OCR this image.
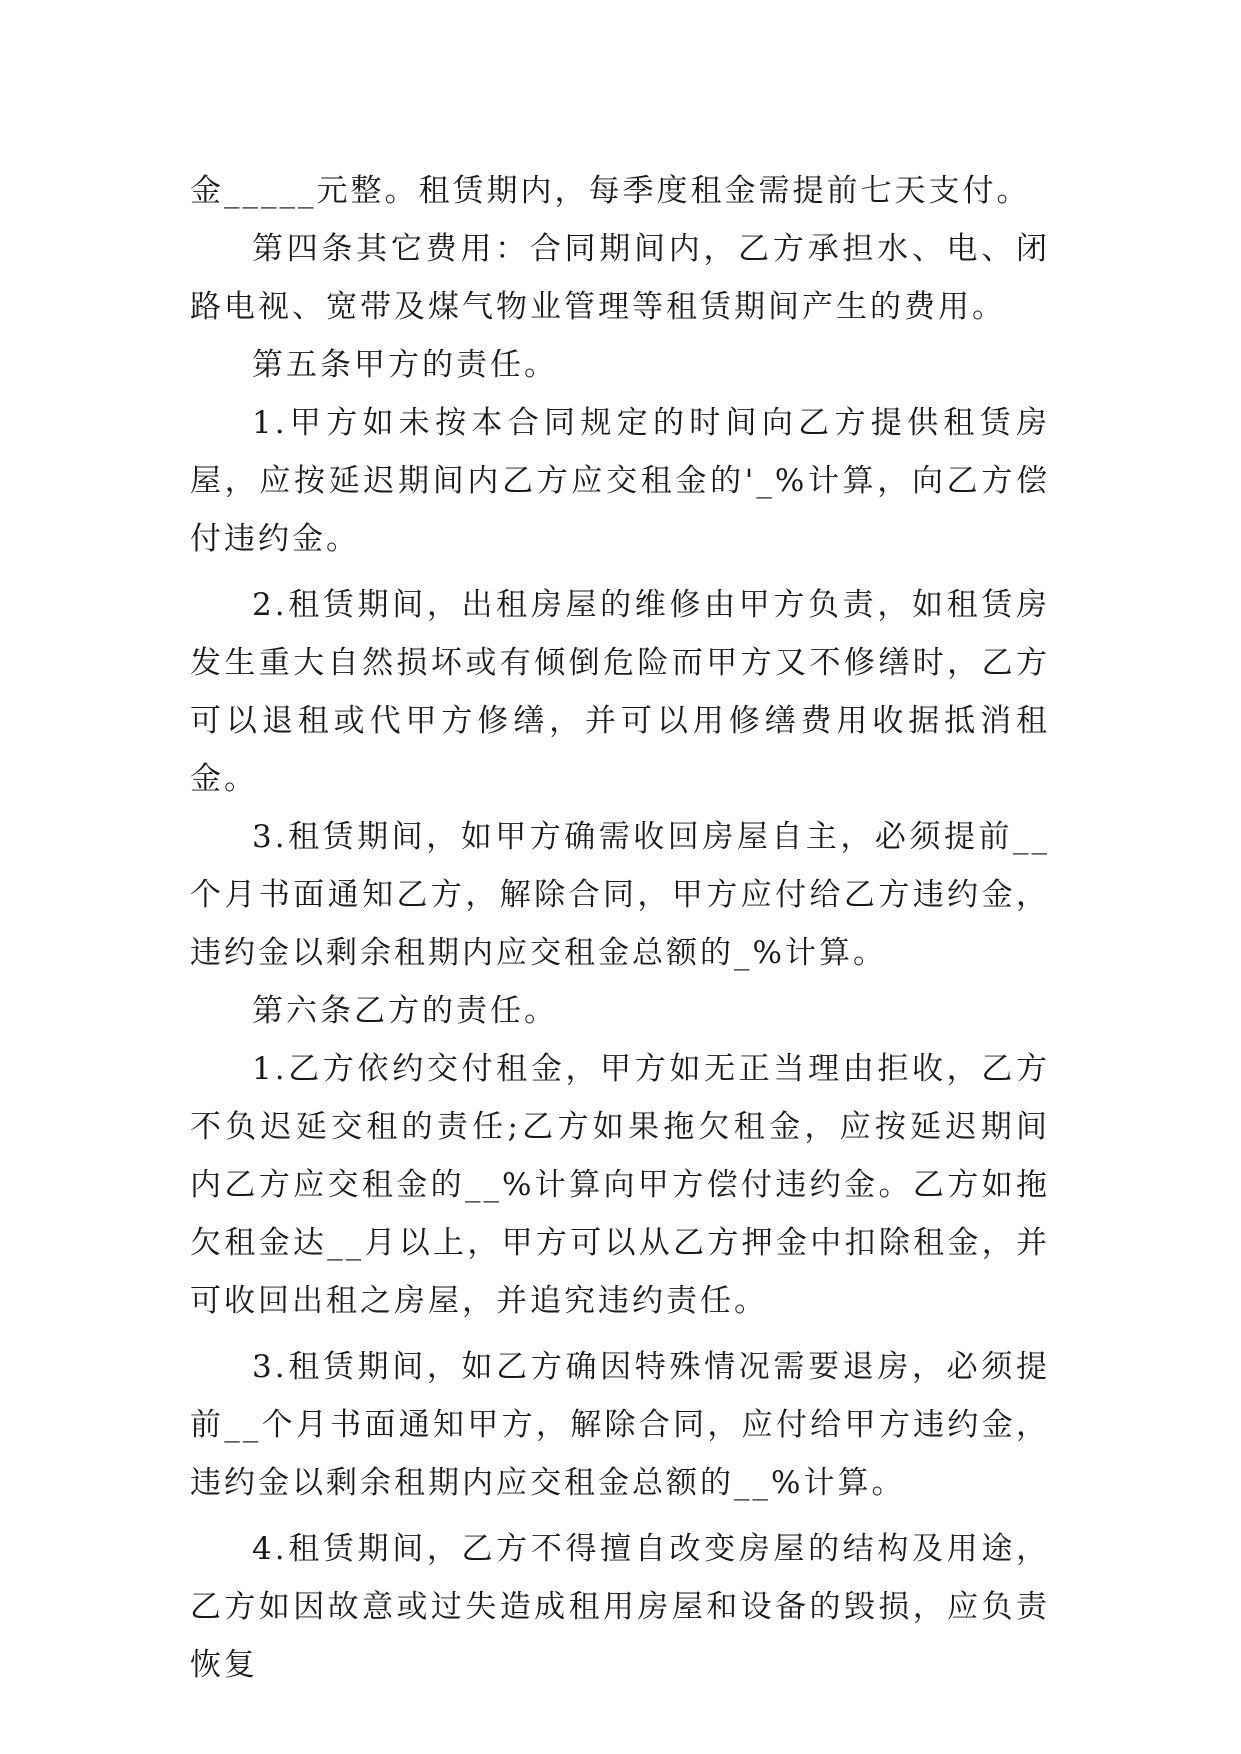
金_____元整。租赁期内，每季度租金需提前七天支付。

第四条其它费用：合同期间内，乙方承担水、电、闭路电视、宽带及煤气物业管理等租赁期间产生的费用。

第五条甲方的责任。

1.甲方如未按本合同规定的时间向乙方提供租赁房屋，应按延迟期间内乙方应交租金的'_%计算，向乙方偿付违约金。

2.租赁期间，出租房屋的维修由甲方负责，如租赁房发生重大自然损坏或有倾倒危险而甲方又不修缮时，乙方可以退租或代甲方修缮，并可以用修缮费用收据抵消租金。

3.租赁期间，如甲方确需收回房屋自主，必须提前__个月书面通知乙方，解除合同，甲方应付给乙方违约金，违约金以剩余租期内应交租金总额的_%计算。

第六条乙方的责任。

1.乙方依约交付租金，甲方如无正当理由拒收，乙方不负迟延交租的责任;乙方如果拖欠租金，应按延迟期间内乙方应交租金的__%计算向甲方偿付违约金。乙方如拖欠租金达__月以上，甲方可以从乙方押金中扣除租金，并可收回出租之房屋，并追究违约责任。

3.租赁期间，如乙方确因特殊情况需要退房，必须提前__个月书面通知甲方，解除合同，应付给甲方违约金，违约金以剩余租期内应交租金总额的__%计算。

4.租赁期间，乙方不得擅自改变房屋的结构及用途，乙方如因故意或过失造成租用房屋和设备的毁损，应负责恢复
